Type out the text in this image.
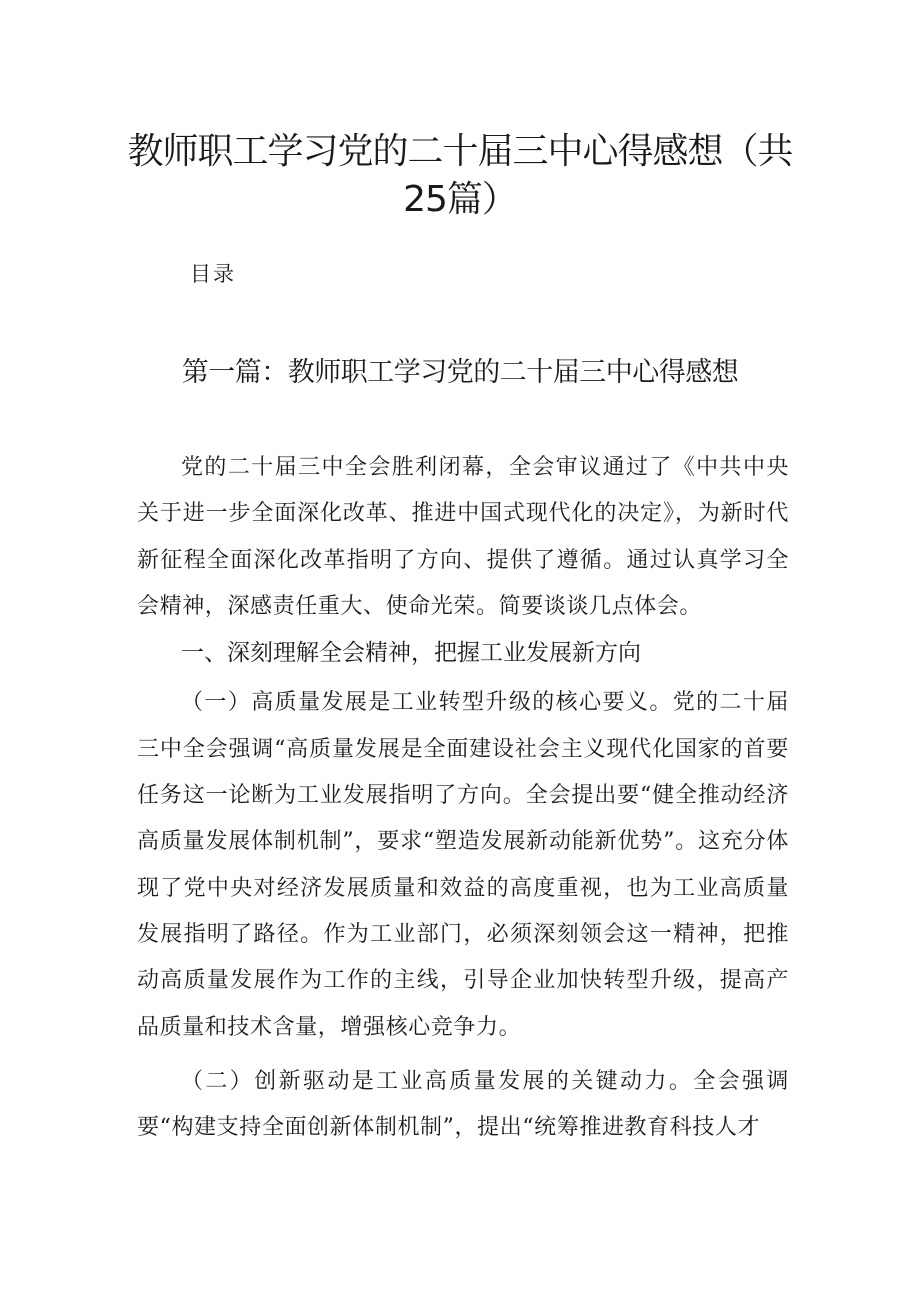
教师职工学习党的二十届三中心得感想（共
25篇）
目录
第一篇：教师职工学习党的二十届三中心得感想

党的二十届三中全会胜利闭幕，全会审议通过了《中共中央关于进一步全面深化改革、推进中国式现代化的决定》，为新时代新征程全面深化改革指明了方向、提供了遵循。通过认真学习全会精神，深感责任重大、使命光荣。简要谈谈几点体会。

一、深刻理解全会精神，把握工业发展新方向

（一）高质量发展是工业转型升级的核心要义。党的二十届三中全会强调“高质量发展是全面建设社会主义现代化国家的首要任务这一论断为工业发展指明了方向。全会提出要“健全推动经济高质量发展体制机制”，要求“塑造发展新动能新优势”。这充分体现了党中央对经济发展质量和效益的高度重视，也为工业高质量发展指明了路径。作为工业部门，必须深刻领会这一精神，把推动高质量发展作为工作的主线，引导企业加快转型升级，提高产品质量和技术含量，增强核心竞争力。

（二）创新驱动是工业高质量发展的关键动力。全会强调要“构建支持全面创新体制机制”，提出“统筹推进教育科技人才
